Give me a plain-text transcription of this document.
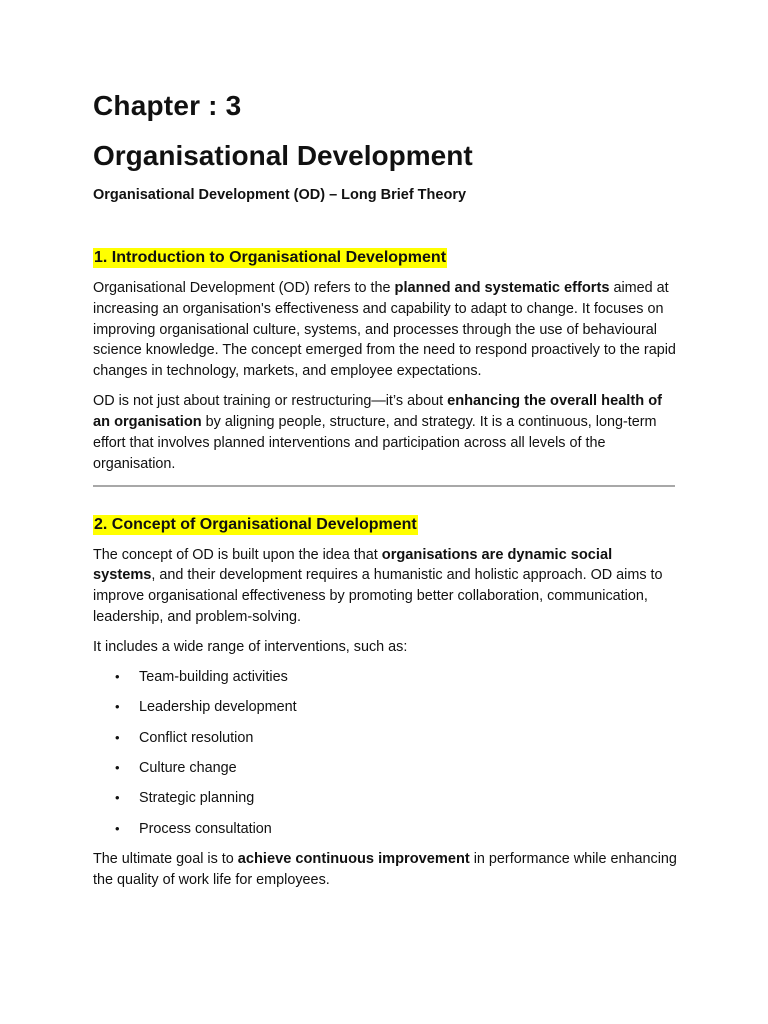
Chapter : 3
Organisational Development
Organisational Development (OD) – Long Brief Theory
1. Introduction to Organisational Development

Organisational Development (OD) refers to the planned and systematic efforts aimed at increasing an organisation's effectiveness and capability to adapt to change. It focuses on improving organisational culture, systems, and processes through the use of behavioural science knowledge. The concept emerged from the need to respond proactively to the rapid changes in technology, markets, and employee expectations.

OD is not just about training or restructuring—it’s about enhancing the overall health of an organisation by aligning people, structure, and strategy. It is a continuous, long-term effort that involves planned interventions and participation across all levels of the organisation.

2. Concept of Organisational Development

The concept of OD is built upon the idea that organisations are dynamic social systems, and their development requires a humanistic and holistic approach. OD aims to improve organisational effectiveness by promoting better collaboration, communication, leadership, and problem-solving.

It includes a wide range of interventions, such as:

• Team-building activities
• Leadership development
• Conflict resolution
• Culture change
• Strategic planning
• Process consultation

The ultimate goal is to achieve continuous improvement in performance while enhancing the quality of work life for employees.
